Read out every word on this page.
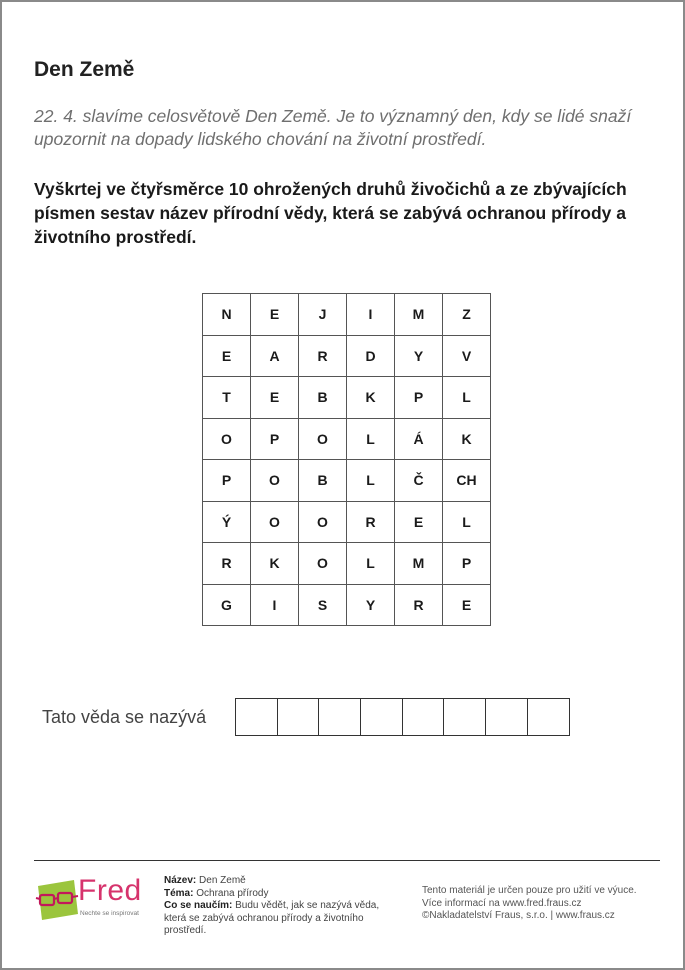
Den Země
22. 4. slavíme celosvětově Den Země. Je to významný den, kdy se lidé snaží upozornit na dopady lidského chování na životní prostředí.
Vyškrtej ve čtyřsměrce 10 ohrožených druhů živočichů a ze zbývajících písmen sestav název přírodní vědy, která se zabývá ochranou přírody a životního prostředí.
N	E	J	I	M	Z
E	A	R	D	Y	V
T	E	B	K	P	L
O	P	O	L	Á	K
P	O	B	L	Č	CH
Ý	O	O	R	E	L
R	K	O	L	M	P
G	I	S	Y	R	E
Tato věda se nazývá
Fred
Nechte se inspirovat
Název: Den Země
Téma: Ochrana přírody
Co se naučím: Budu vědět, jak se nazývá věda, která se zabývá ochranou přírody a životního prostředí.
Tento materiál je určen pouze pro užití ve výuce.
Více informací na www.fred.fraus.cz
©Nakladatelství Fraus, s.r.o. | www.fraus.cz
